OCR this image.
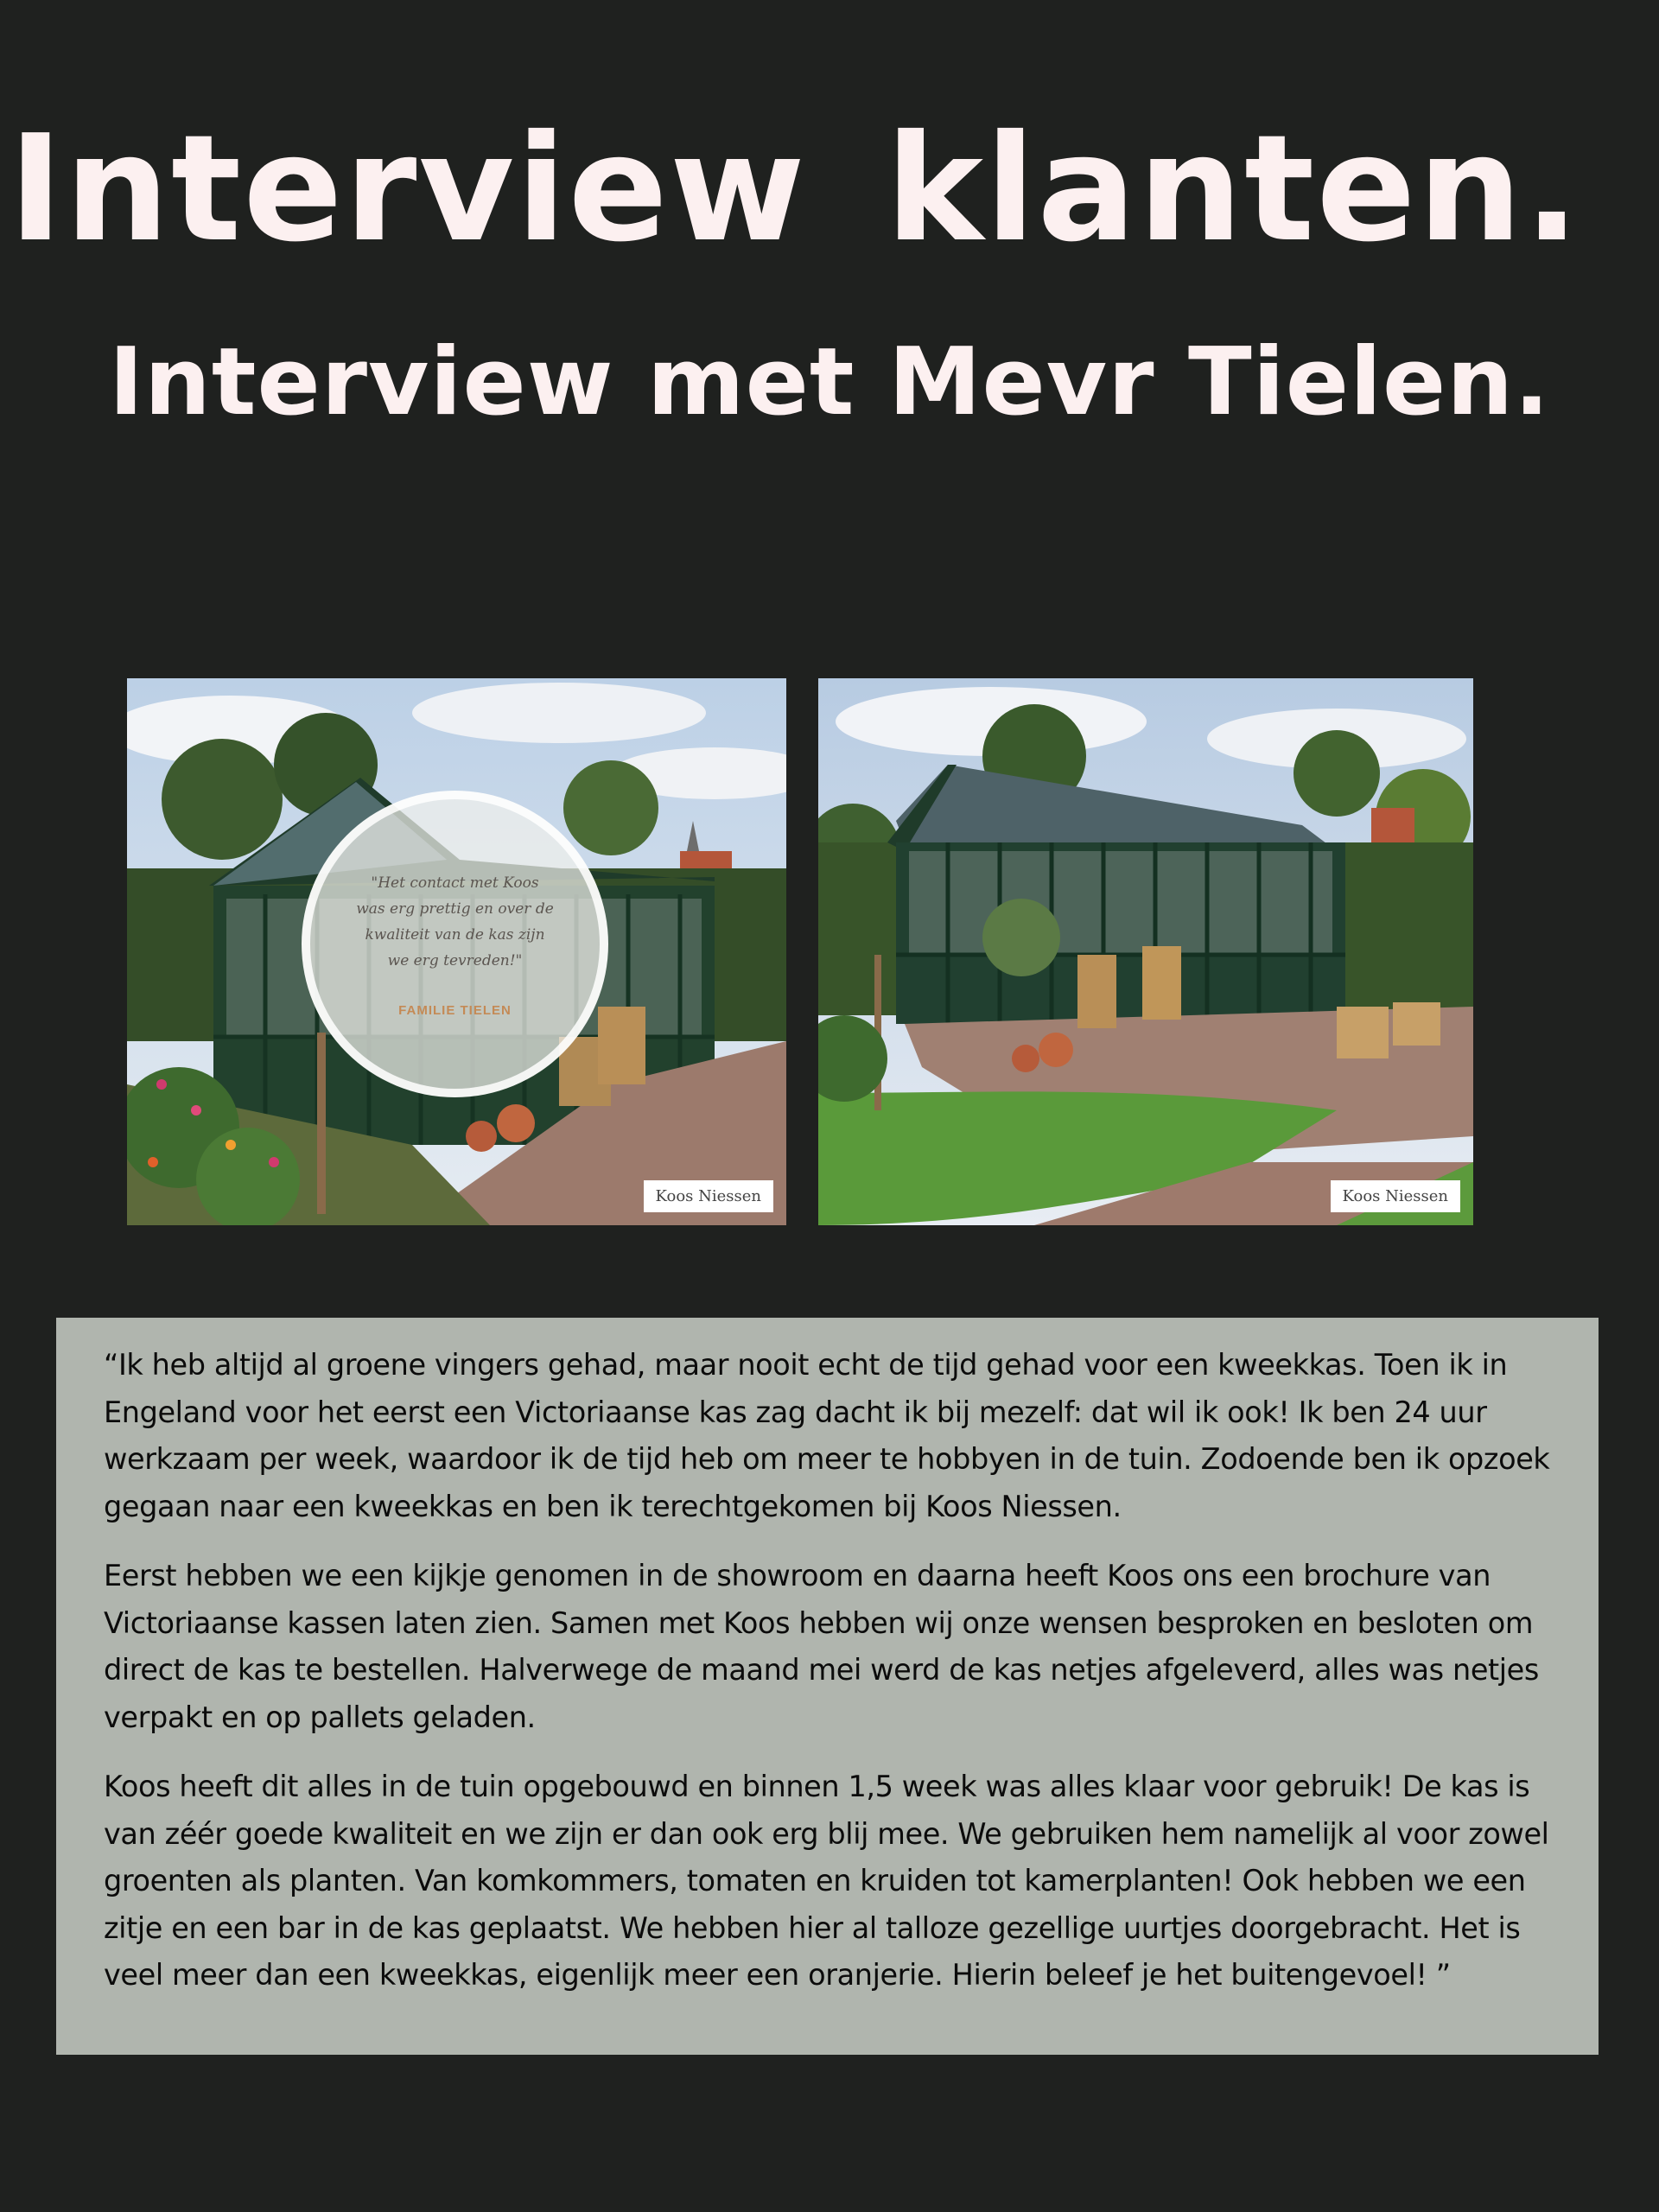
Interview klanten.
Interview met Mevr Tielen.
"Het contact met Koos was erg prettig en over de kwaliteit van de kas zijn we erg tevreden!"
FAMILIE TIELEN
Koos Niessen	Koos Niessen

“Ik heb altijd al groene vingers gehad, maar nooit echt de tijd gehad voor een kweekkas. Toen ik in Engeland voor het eerst een Victoriaanse kas zag dacht ik bij mezelf: dat wil ik ook! Ik ben 24 uur werkzaam per week, waardoor ik de tijd heb om meer te hobbyen in de tuin. Zodoende ben ik opzoek gegaan naar een kweekkas en ben ik terechtgekomen bij Koos Niessen.

Eerst hebben we een kijkje genomen in de showroom en daarna heeft Koos ons een brochure van Victoriaanse kassen laten zien. Samen met Koos hebben wij onze wensen besproken en besloten om direct de kas te bestellen. Halverwege de maand mei werd de kas netjes afgeleverd, alles was netjes verpakt en op pallets geladen.

Koos heeft dit alles in de tuin opgebouwd en binnen 1,5 week was alles klaar voor gebruik! De kas is van zéér goede kwaliteit en we zijn er dan ook erg blij mee. We gebruiken hem namelijk al voor zowel groenten als planten. Van komkommers, tomaten en kruiden tot kamerplanten! Ook hebben we een zitje en een bar in de kas geplaatst. We hebben hier al talloze gezellige uurtjes doorgebracht. Het is veel meer dan een kweekkas, eigenlijk meer een oranjerie. Hierin beleef je het buitengevoel! ”
